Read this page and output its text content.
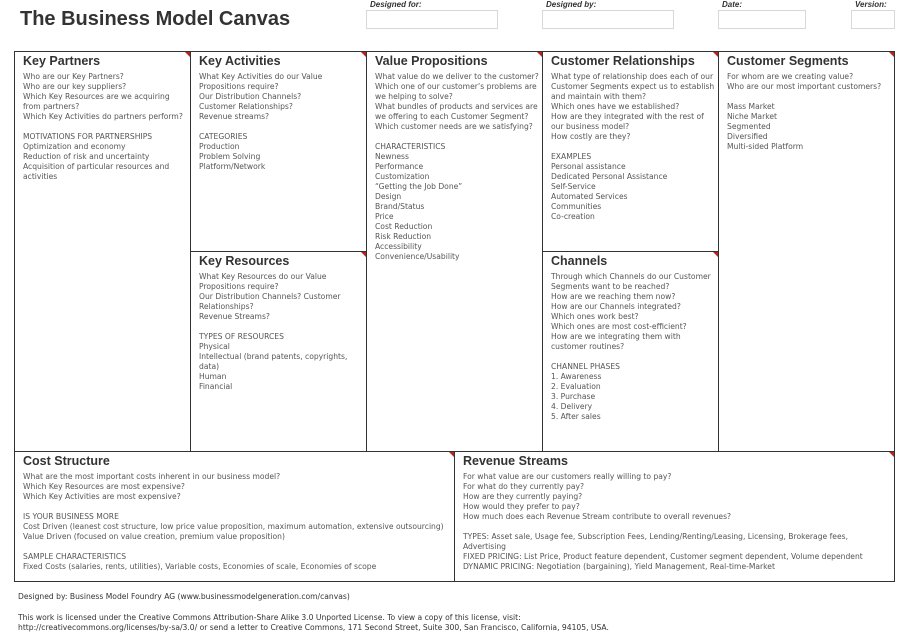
The Business Model Canvas
Designed for:	Designed by:	Date:	Version:
Key Partners
Who are our Key Partners?
Who are our key suppliers?
Which Key Resources are we acquiring from partners?
Which Key Activities do partners perform?
MOTIVATIONS FOR PARTNERSHIPS
Optimization and economy
Reduction of risk and uncertainty
Acquisition of particular resources and activities
Key Activities
What Key Activities do our Value Propositions require?
Our Distribution Channels?
Customer Relationships?
Revenue streams?
CATEGORIES
Production
Problem Solving
Platform/Network
Key Resources
What Key Resources do our Value Propositions require?
Our Distribution Channels? Customer Relationships?
Revenue Streams?
TYPES OF RESOURCES
Physical
Intellectual (brand patents, copyrights, data)
Human
Financial
Value Propositions
What value do we deliver to the customer?
Which one of our customer’s problems are we helping to solve?
What bundles of products and services are we offering to each Customer Segment?
Which customer needs are we satisfying?
CHARACTERISTICS
Newness
Performance
Customization
“Getting the Job Done”
Design
Brand/Status
Price
Cost Reduction
Risk Reduction
Accessibility
Convenience/Usability
Customer Relationships
What type of relationship does each of our Customer Segments expect us to establish and maintain with them?
Which ones have we established?
How are they integrated with the rest of our business model?
How costly are they?
EXAMPLES
Personal assistance
Dedicated Personal Assistance
Self-Service
Automated Services
Communities
Co-creation
Channels
Through which Channels do our Customer Segments want to be reached?
How are we reaching them now?
How are our Channels integrated?
Which ones work best?
Which ones are most cost-efficient?
How are we integrating them with customer routines?
CHANNEL PHASES
1. Awareness
2. Evaluation
3. Purchase
4. Delivery
5. After sales
Customer Segments
For whom are we creating value?
Who are our most important customers?
Mass Market
Niche Market
Segmented
Diversified
Multi-sided Platform
Cost Structure
What are the most important costs inherent in our business model?
Which Key Resources are most expensive?
Which Key Activities are most expensive?
IS YOUR BUSINESS MORE
Cost Driven (leanest cost structure, low price value proposition, maximum automation, extensive outsourcing)
Value Driven (focused on value creation, premium value proposition)
SAMPLE CHARACTERISTICS
Fixed Costs (salaries, rents, utilities), Variable costs, Economies of scale, Economies of scope
Revenue Streams
For what value are our customers really willing to pay?
For what do they currently pay?
How are they currently paying?
How would they prefer to pay?
How much does each Revenue Stream contribute to overall revenues?
TYPES: Asset sale, Usage fee, Subscription Fees, Lending/Renting/Leasing, Licensing, Brokerage fees, Advertising
FIXED PRICING: List Price, Product feature dependent, Customer segment dependent, Volume dependent
DYNAMIC PRICING: Negotiation (bargaining), Yield Management, Real-time-Market
Designed by: Business Model Foundry AG (www.businessmodelgeneration.com/canvas)
This work is licensed under the Creative Commons Attribution-Share Alike 3.0 Unported License. To view a copy of this license, visit:
http://creativecommons.org/licenses/by-sa/3.0/ or send a letter to Creative Commons, 171 Second Street, Suite 300, San Francisco, California, 94105, USA.
